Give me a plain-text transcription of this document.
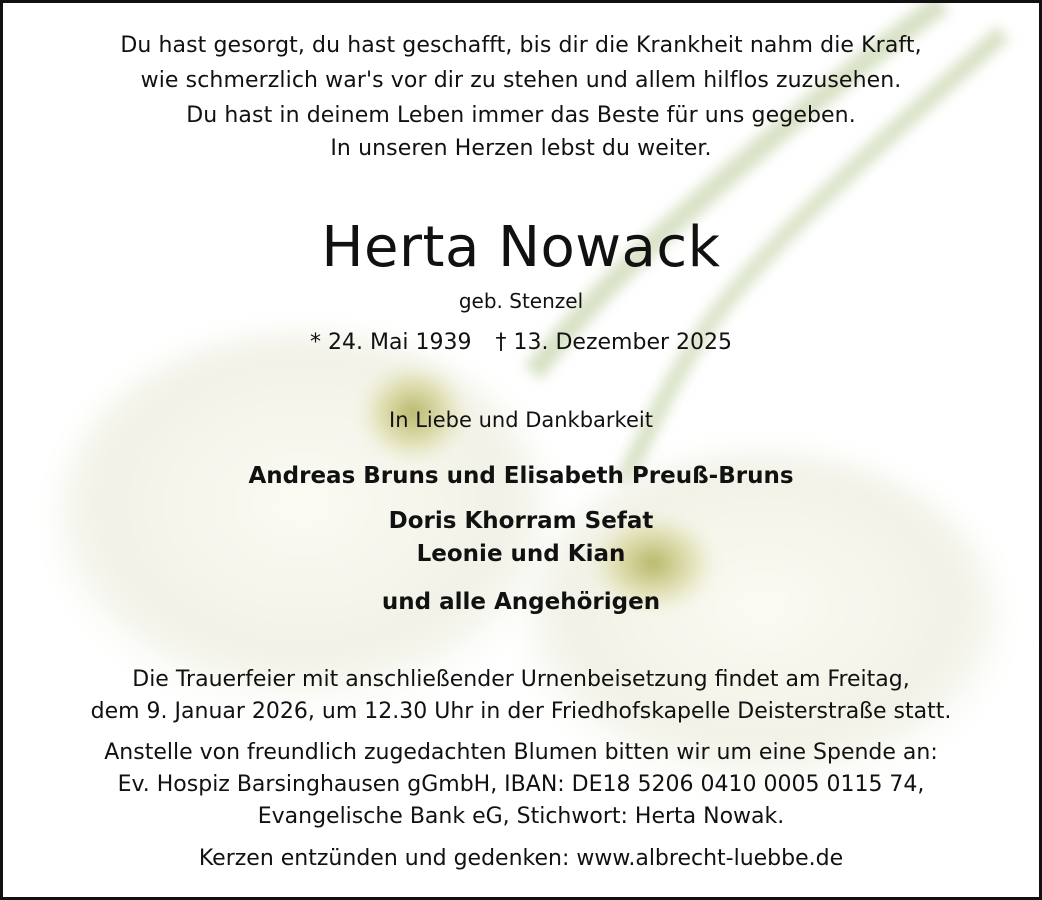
Du hast gesorgt, du hast geschafft, bis dir die Krankheit nahm die Kraft,
wie schmerzlich war's vor dir zu stehen und allem hilflos zuzusehen.
Du hast in deinem Leben immer das Beste für uns gegeben.
In unseren Herzen lebst du weiter.
Herta Nowack
geb. Stenzel
* 24. Mai 1939 † 13. Dezember 2025
In Liebe und Dankbarkeit
Andreas Bruns und Elisabeth Preuß-Bruns
Doris Khorram Sefat
Leonie und Kian
und alle Angehörigen
Die Trauerfeier mit anschließender Urnenbeisetzung findet am Freitag,
dem 9. Januar 2026, um 12.30 Uhr in der Friedhofskapelle Deisterstraße statt.
Anstelle von freundlich zugedachten Blumen bitten wir um eine Spende an:
Ev. Hospiz Barsinghausen gGmbH, IBAN: DE18 5206 0410 0005 0115 74,
Evangelische Bank eG, Stichwort: Herta Nowak.
Kerzen entzünden und gedenken: www.albrecht-luebbe.de
